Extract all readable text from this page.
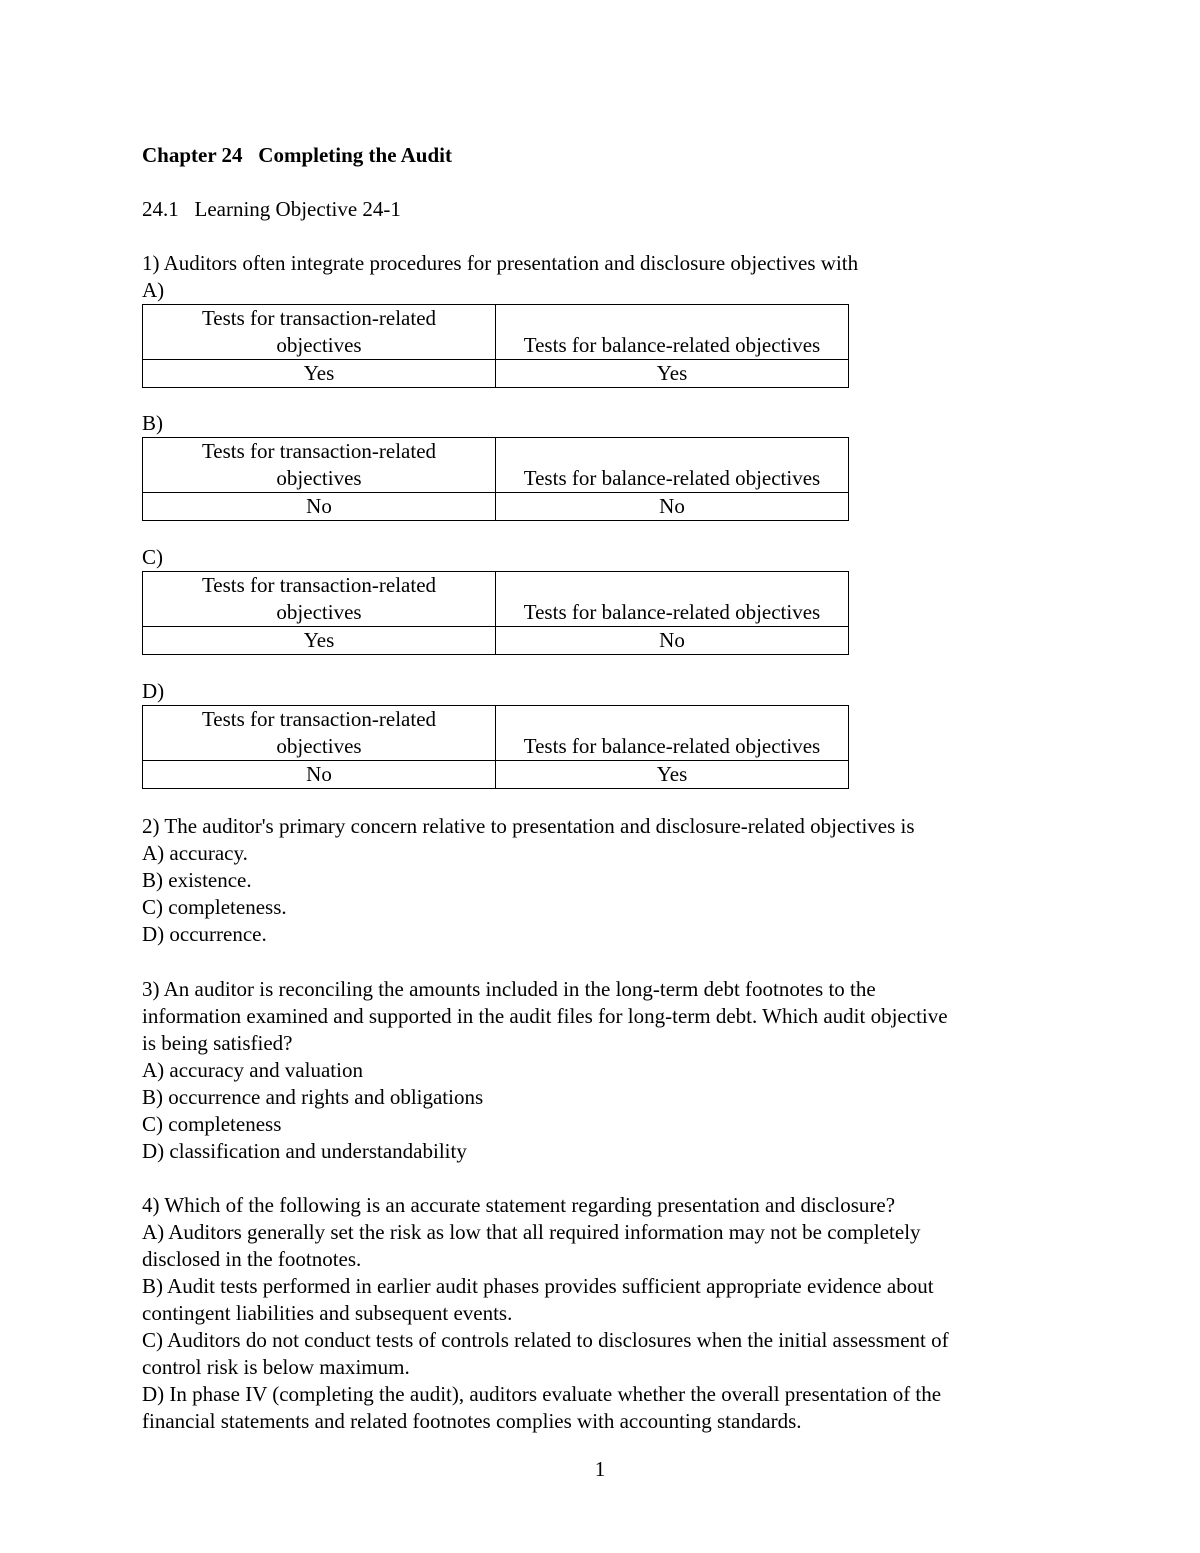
Chapter 24   Completing the Audit
24.1   Learning Objective 24-1
1) Auditors often integrate procedures for presentation and disclosure objectives with
A)
Tests for transaction-related
objectives	Tests for balance-related objectives
Yes	Yes
B)
Tests for transaction-related
objectives	Tests for balance-related objectives
No	No
C)
Tests for transaction-related
objectives	Tests for balance-related objectives
Yes	No
D)
Tests for transaction-related
objectives	Tests for balance-related objectives
No	Yes
2) The auditor's primary concern relative to presentation and disclosure-related objectives is
A) accuracy.
B) existence.
C) completeness.
D) occurrence.
3) An auditor is reconciling the amounts included in the long-term debt footnotes to the
information examined and supported in the audit files for long-term debt. Which audit objective
is being satisfied?
A) accuracy and valuation
B) occurrence and rights and obligations
C) completeness
D) classification and understandability
4) Which of the following is an accurate statement regarding presentation and disclosure?
A) Auditors generally set the risk as low that all required information may not be completely
disclosed in the footnotes.
B) Audit tests performed in earlier audit phases provides sufficient appropriate evidence about
contingent liabilities and subsequent events.
C) Auditors do not conduct tests of controls related to disclosures when the initial assessment of
control risk is below maximum.
D) In phase IV (completing the audit), auditors evaluate whether the overall presentation of the
financial statements and related footnotes complies with accounting standards.
1
